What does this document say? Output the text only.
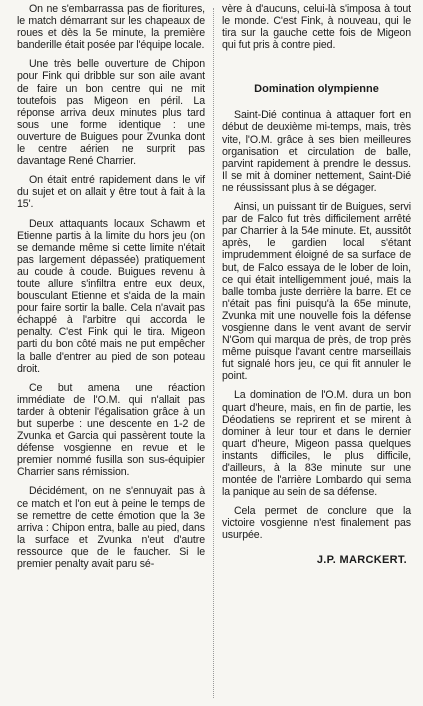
On ne s'embarrassa pas de fioritures, le match démarrant sur les chapeaux de roues et dès la 5e minute, la première banderille était posée par l'équipe locale.

Une très belle ouverture de Chipon pour Fink qui dribble sur son aile avant de faire un bon centre qui ne mit toutefois pas Migeon en péril. La réponse arriva deux minutes plus tard sous une forme identique : une ouverture de Buigues pour Zvunka dont le centre aérien ne surprit pas davantage René Charrier.

On était entré rapidement dans le vif du sujet et on allait y être tout à fait à la 15'.

Deux attaquants locaux Schawm et Etienne partis à la limite du hors jeu (on se demande même si cette limite n'était pas largement dépassée) pratiquement au coude à coude. Buigues revenu à toute allure s'infiltra entre eux deux, bousculant Etienne et s'aida de la main pour faire sortir la balle. Cela n'avait pas échappé à l'arbitre qui accorda le penalty. C'est Fink qui le tira. Migeon parti du bon côté mais ne put empêcher la balle d'entrer au pied de son poteau droit.

Ce but amena une réaction immédiate de l'O.M. qui n'allait pas tarder à obtenir l'égalisation grâce à un but superbe : une descente en 1-2 de Zvunka et Garcia qui passèrent toute la défense vosgienne en revue et le premier nommé fusilla son sus-équipier Charrier sans rémission.

Décidément, on ne s'ennuyait pas à ce match et l'on eut à peine le temps de se remettre de cette émotion que la 3e arriva : Chipon entra, balle au pied, dans la surface et Zvunka n'eut d'autre ressource que de le faucher. Si le premier penalty avait paru sé-

vère à d'aucuns, celui-là s'imposa à tout le monde. C'est Fink, à nouveau, qui le tira sur la gauche cette fois de Migeon qui fut pris à contre pied.

Domination olympienne

Saint-Dié continua à attaquer fort en début de deuxième mi-temps, mais, très vite, l'O.M. grâce à ses bien meilleures organisation et circulation de balle, parvint rapidement à prendre le dessus. Il se mit à dominer nettement, Saint-Dié ne réussissant plus à se dégager.

Ainsi, un puissant tir de Buigues, servi par de Falco fut très difficilement arrêté par Charrier à la 54e minute. Et, aussitôt après, le gardien local s'étant imprudemment éloigné de sa surface de but, de Falco essaya de le lober de loin, ce qui était intelligemment joué, mais la balle tomba juste derrière la barre. Et ce n'était pas fini puisqu'à la 65e minute, Zvunka mit une nouvelle fois la défense vosgienne dans le vent avant de servir N'Gom qui marqua de près, de trop près même puisque l'avant centre marseillais fut signalé hors jeu, ce qui fit annuler le point.

La domination de l'O.M. dura un bon quart d'heure, mais, en fin de partie, les Déodatiens se reprirent et se mirent à dominer à leur tour et dans le dernier quart d'heure, Migeon passa quelques instants difficiles, le plus difficile, d'ailleurs, à la 83e minute sur une montée de l'arrière Lombardo qui sema la panique au sein de sa défense.

Cela permet de conclure que la victoire vosgienne n'est finalement pas usurpée.

J.P. MARCKERT.
